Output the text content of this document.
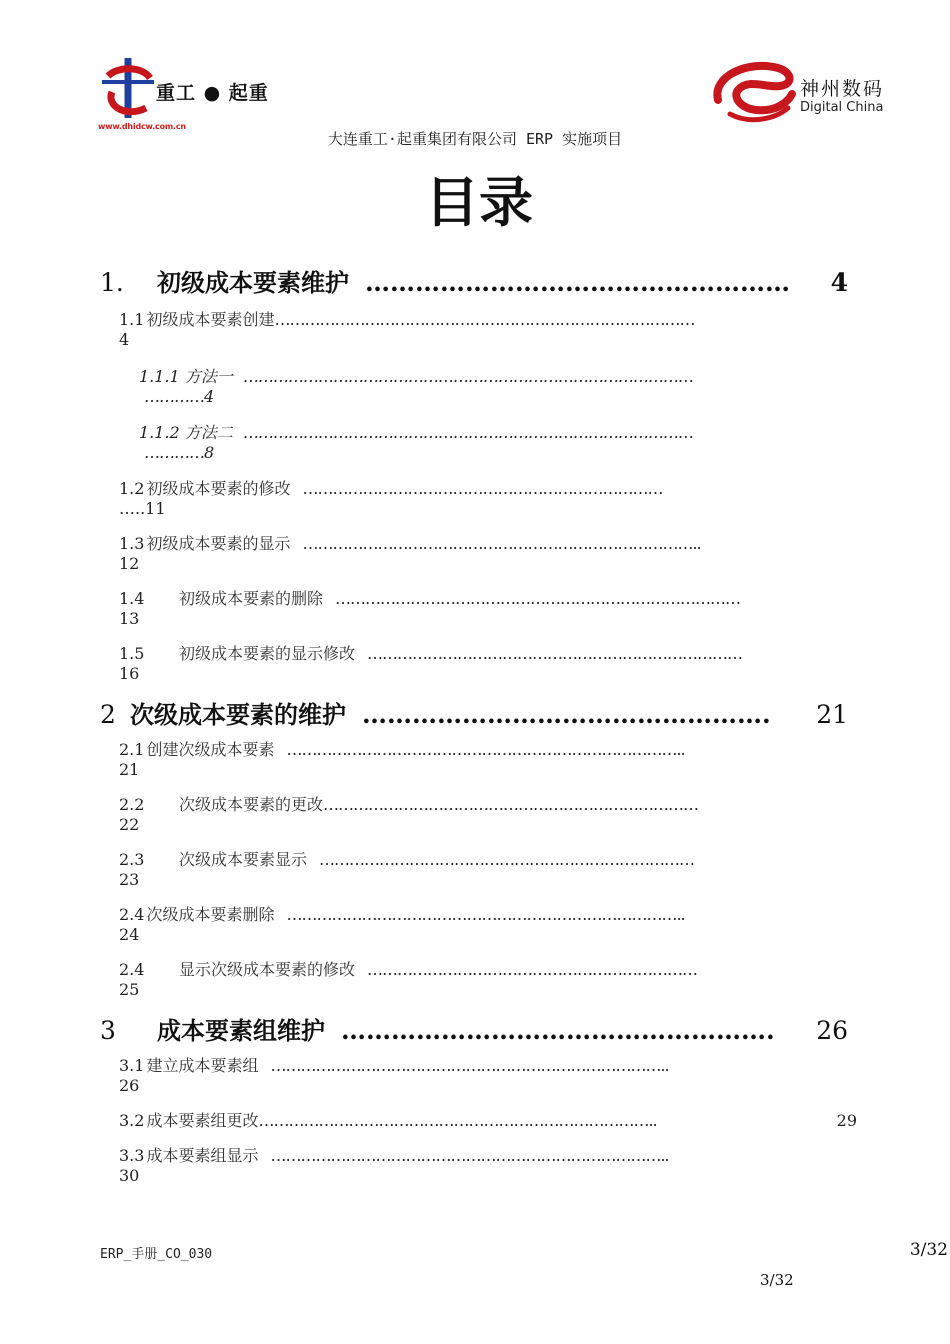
重工 ● 起重
www.dhidcw.com.cn
神州数码
Digital China
大连重工·起重集团有限公司 ERP 实施项目
目录
1.	初级成本要素维护 ……………………………………………	4
1.1 初级成本要素创建 …………………………………………………………………………
4
1.1.1
方法一 ………………………………………………………………………………
………… 4
1.1.2
方法二 ………………………………………………………………………………
………… 8
1.2 初级成本要素的修改 ………………………………………………………………
….. 11
1.3 初级成本要素的显示 ……………………………………………………………………..
12
1.4	初级成本要素的删除 ………………………………………………………………………
13
1.5	初级成本要素的显示修改 …………………………………………………………………
16
2 次级成本要素的维护 ………………………………………….	21
2.1 创建次级成本要素 ……………………………………………………………………..
21
2.2	次级成本要素的更改 …………………………………………………………………
22
2.3	次级成本要素显示 …………………………………………………………………
23
2.4 次级成本要素删除 ……………………………………………………………………..
24
2.4	显示次级成本要素的修改 …………………………………………………………
25
3	成本要素组维护 …………………………………………….	26
3.1 建立成本要素组 ……………………………………………………………………..
26
3.2 成本要素组更改 ……………………………………………………………………..	29
3.3 成本要素组显示 ……………………………………………………………………..
30
ERP_手册_CO_030	3/32
3/32
